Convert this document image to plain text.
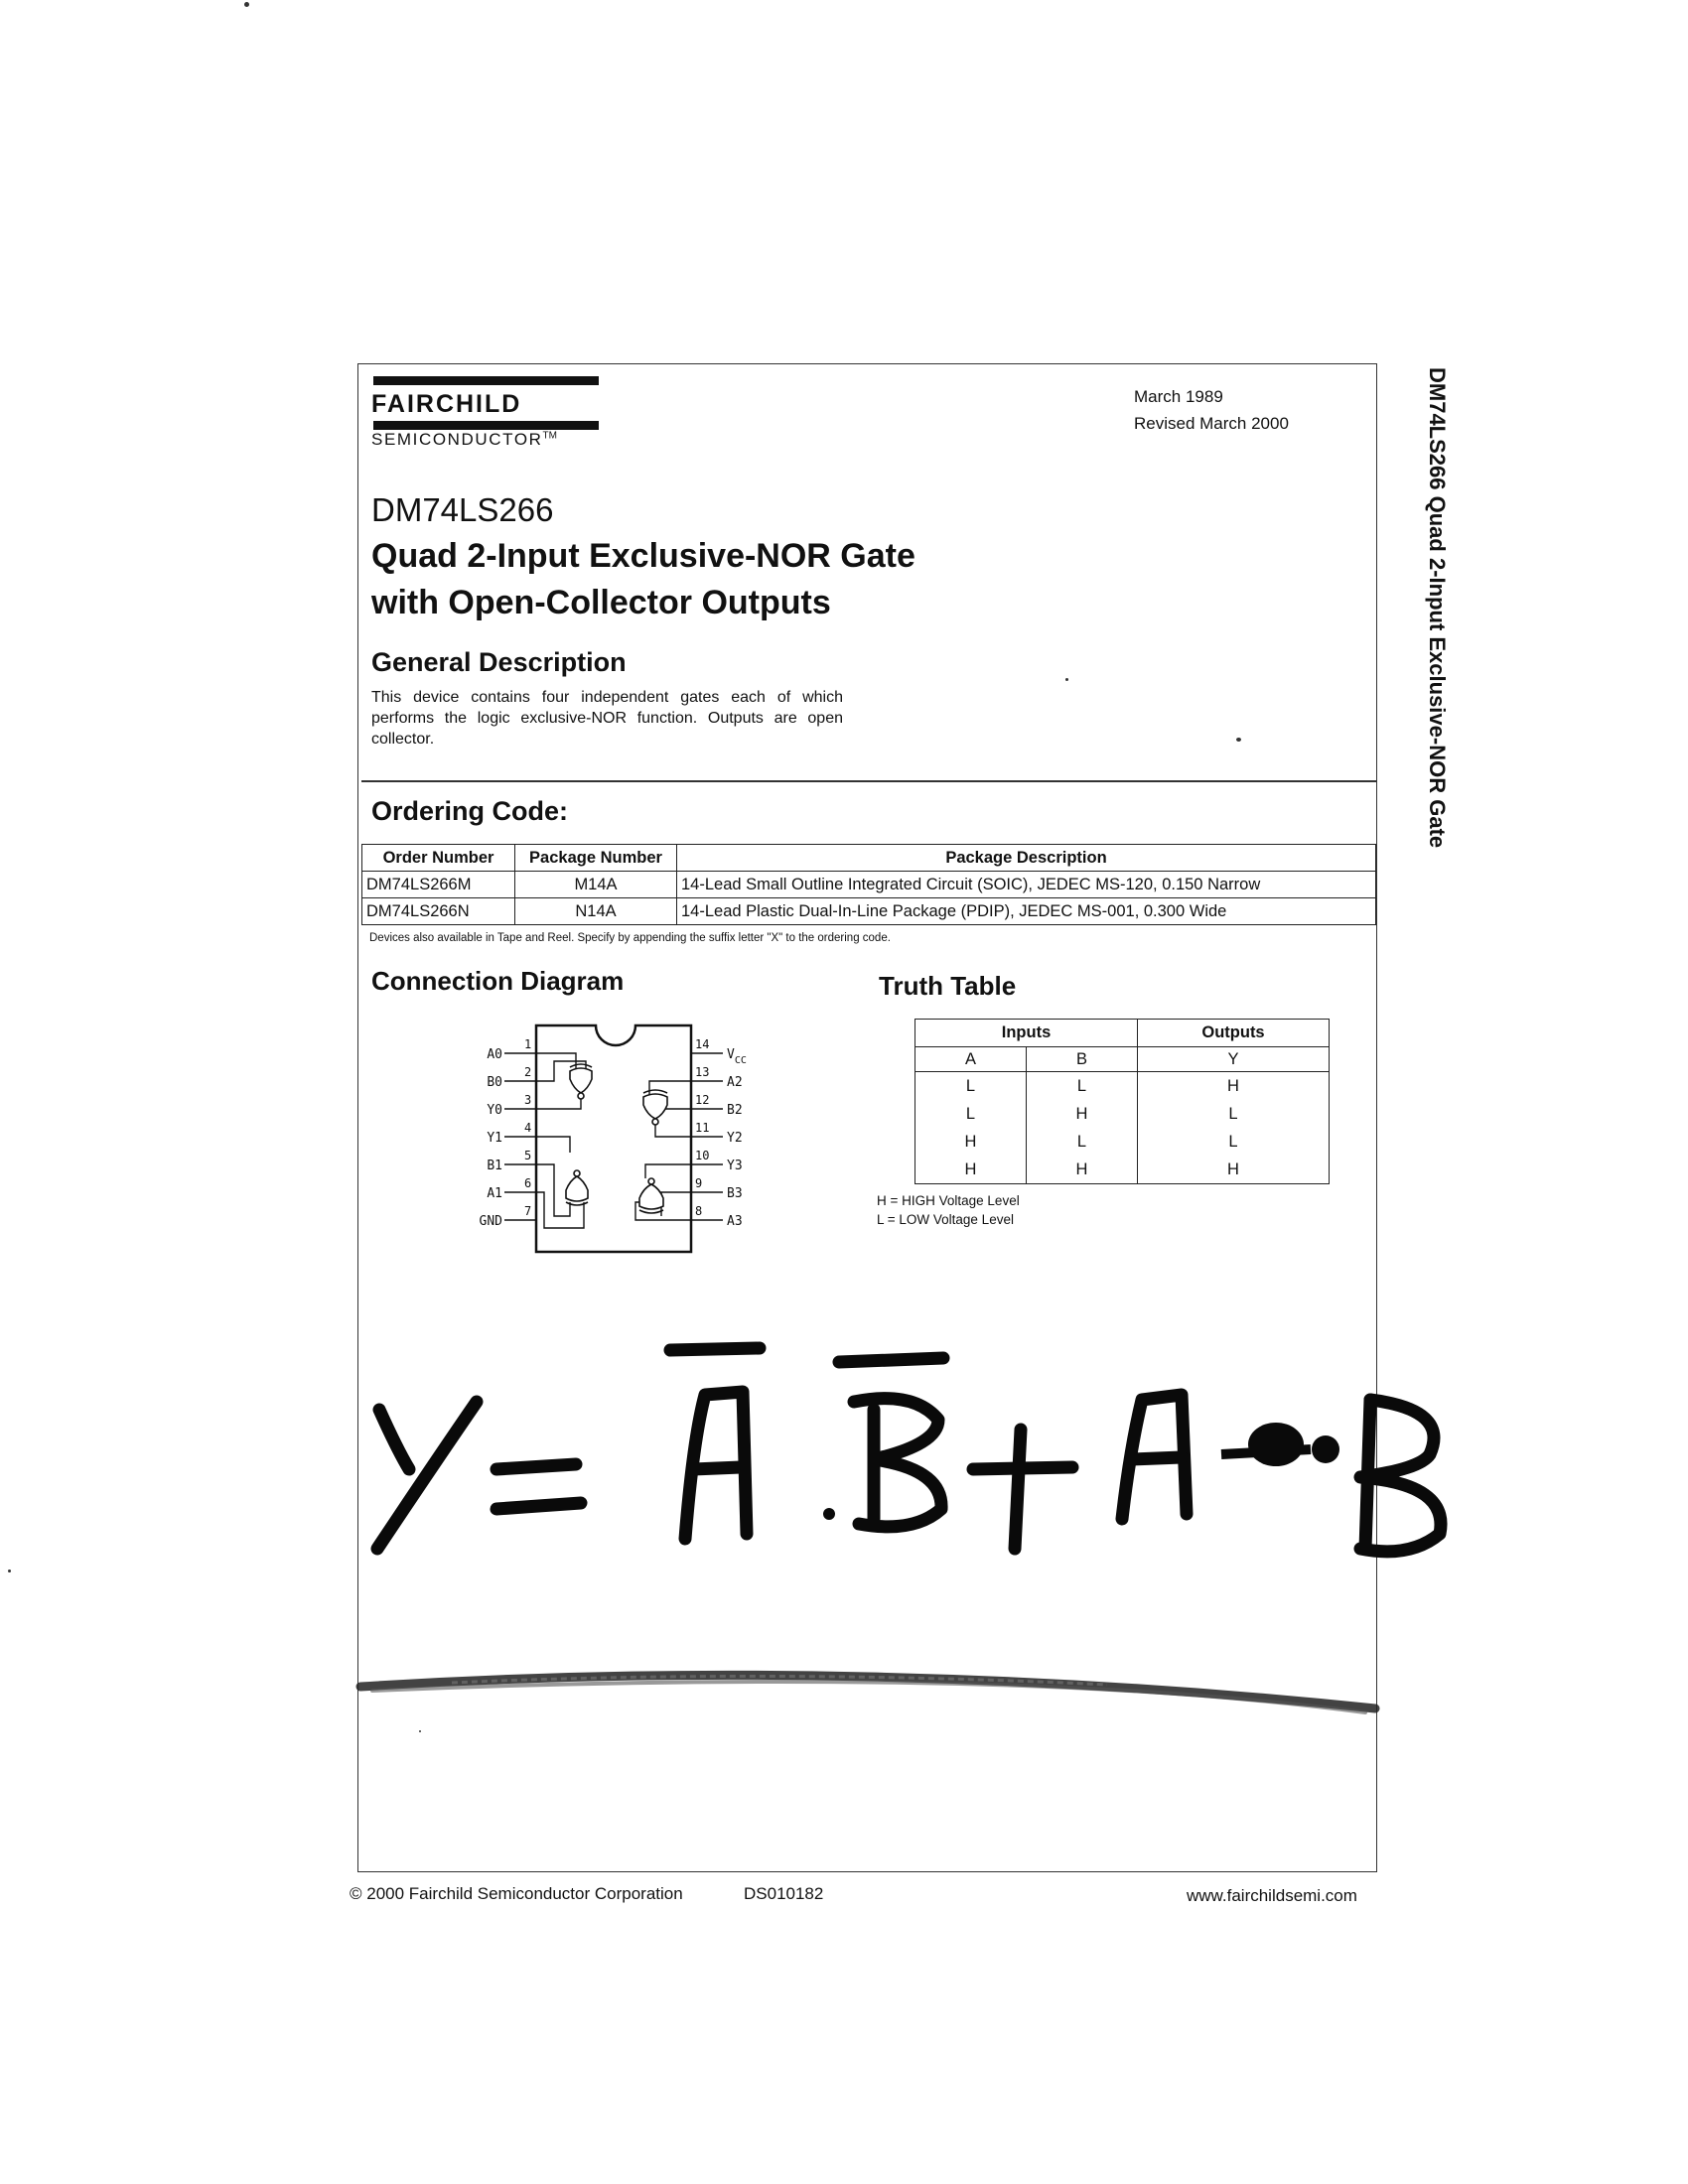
FAIRCHILD
SEMICONDUCTOR™
March 1989
Revised March 2000
DM74LS266
Quad 2-Input Exclusive-NOR Gate
with Open-Collector Outputs
General Description
This device contains four independent gates each of which performs the logic exclusive-NOR function. Outputs are open collector.
Ordering Code:
Order Number	Package Number	Package Description
DM74LS266M	M14A	14-Lead Small Outline Integrated Circuit (SOIC), JEDEC MS-120, 0.150 Narrow
DM74LS266N	N14A	14-Lead Plastic Dual-In-Line Package (PDIP), JEDEC MS-001, 0.300 Wide
Devices also available in Tape and Reel. Specify by appending the suffix letter "X" to the ordering code.
Connection Diagram
1
2
3
4
5
6
7
A0
B0
Y0
Y1
B1
A1
GND
14
13
12
11
10
9
8
$V_{CC}$
A2
B2
Y2
Y3
B3
A3
Truth Table
Inputs		Outputs
A	B	Y
L	L	H
L	H	L
H	L	L
H	H	H
H = HIGH Voltage Level
L = LOW Voltage Level
© 2000 Fairchild Semiconductor Corporation	DS010182	www.fairchildsemi.com
DM74LS266 Quad 2-Input Exclusive-NOR Gate
